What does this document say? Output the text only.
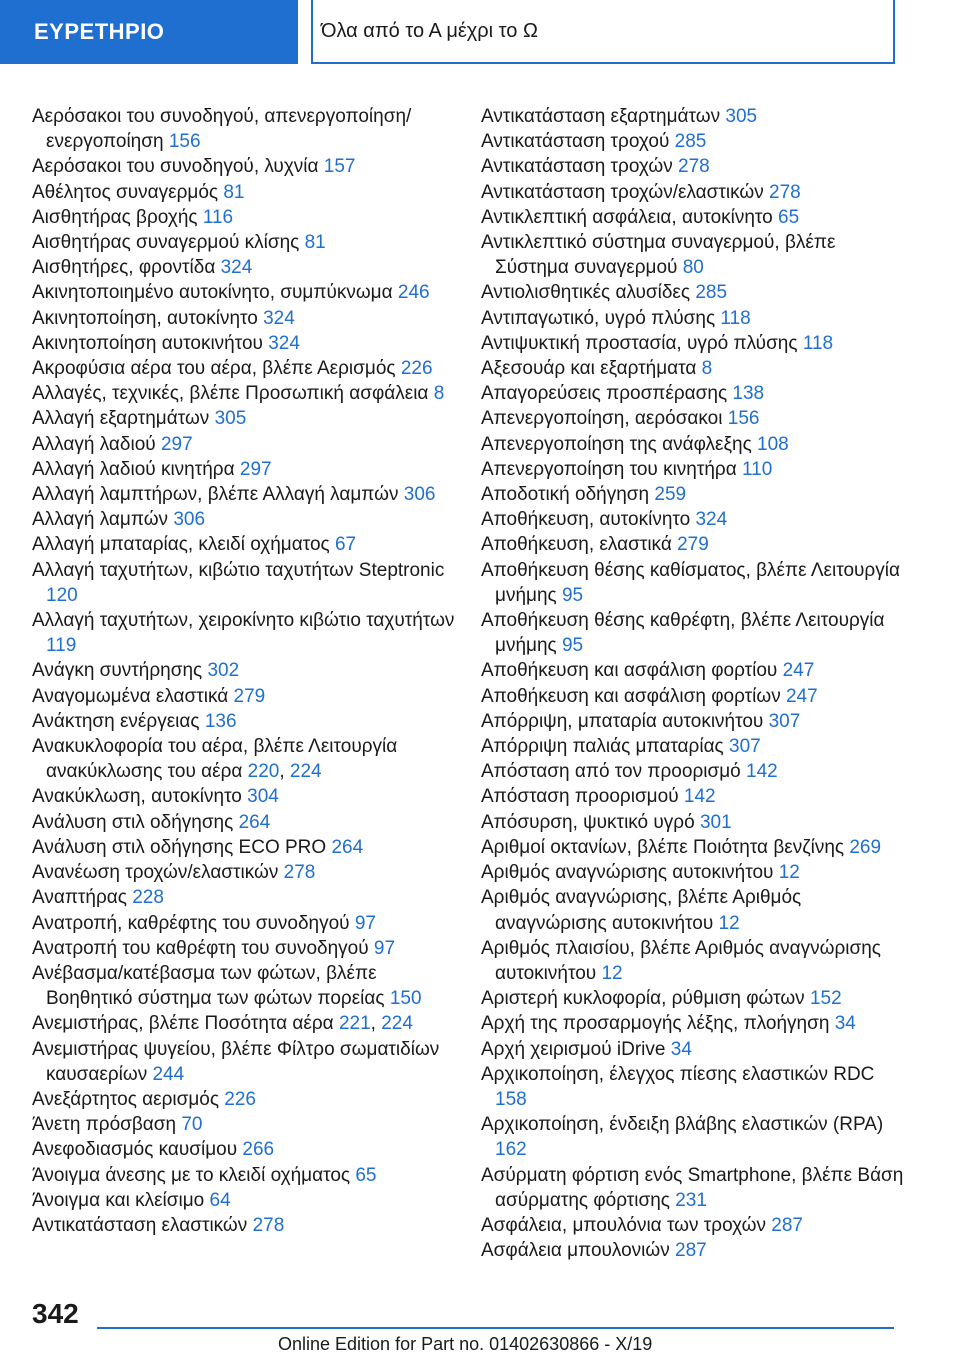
ΕΥΡΕΤΗΡΙΟ	Όλα από το Α μέχρι το Ω
Αερόσακοι του συνοδηγού, απενεργοποίηση/ενεργοποίηση 156
Αερόσακοι του συνοδηγού, λυχνία 157
Αθέλητος συναγερμός 81
Αισθητήρας βροχής 116
Αισθητήρας συναγερμού κλίσης 81
Αισθητήρες, φροντίδα 324
Ακινητοποιημένο αυτοκίνητο, συμπύκνωμα 246
Ακινητοποίηση, αυτοκίνητο 324
Ακινητοποίηση αυτοκινήτου 324
Ακροφύσια αέρα του αέρα, βλέπε Αερισμός 226
Αλλαγές, τεχνικές, βλέπε Προσωπική ασφάλεια 8
Αλλαγή εξαρτημάτων 305
Αλλαγή λαδιού 297
Αλλαγή λαδιού κινητήρα 297
Αλλαγή λαμπτήρων, βλέπε Αλλαγή λαμπών 306
Αλλαγή λαμπών 306
Αλλαγή μπαταρίας, κλειδί οχήματος 67
Αλλαγή ταχυτήτων, κιβώτιο ταχυτήτων Steptronic 120
Αλλαγή ταχυτήτων, χειροκίνητο κιβώτιο ταχυτήτων 119
Ανάγκη συντήρησης 302
Αναγομωμένα ελαστικά 279
Ανάκτηση ενέργειας 136
Ανακυκλοφορία του αέρα, βλέπε Λειτουργία ανακύκλωσης του αέρα 220, 224
Ανακύκλωση, αυτοκίνητο 304
Ανάλυση στιλ οδήγησης 264
Ανάλυση στιλ οδήγησης ECO PRO 264
Ανανέωση τροχών/ελαστικών 278
Αναπτήρας 228
Ανατροπή, καθρέφτης του συνοδηγού 97
Ανατροπή του καθρέφτη του συνοδηγού 97
Ανέβασμα/κατέβασμα των φώτων, βλέπε Βοηθητικό σύστημα των φώτων πορείας 150
Ανεμιστήρας, βλέπε Ποσότητα αέρα 221, 224
Ανεμιστήρας ψυγείου, βλέπε Φίλτρο σωματιδίων καυσαερίων 244
Ανεξάρτητος αερισμός 226
Άνετη πρόσβαση 70
Ανεφοδιασμός καυσίμου 266
Άνοιγμα άνεσης με το κλειδί οχήματος 65
Άνοιγμα και κλείσιμο 64
Αντικατάσταση ελαστικών 278
Αντικατάσταση εξαρτημάτων 305
Αντικατάσταση τροχού 285
Αντικατάσταση τροχών 278
Αντικατάσταση τροχών/ελαστικών 278
Αντικλεπτική ασφάλεια, αυτοκίνητο 65
Αντικλεπτικό σύστημα συναγερμού, βλέπε Σύστημα συναγερμού 80
Αντιολισθητικές αλυσίδες 285
Αντιπαγωτικό, υγρό πλύσης 118
Αντιψυκτική προστασία, υγρό πλύσης 118
Αξεσουάρ και εξαρτήματα 8
Απαγορεύσεις προσπέρασης 138
Απενεργοποίηση, αερόσακοι 156
Απενεργοποίηση της ανάφλεξης 108
Απενεργοποίηση του κινητήρα 110
Αποδοτική οδήγηση 259
Αποθήκευση, αυτοκίνητο 324
Αποθήκευση, ελαστικά 279
Αποθήκευση θέσης καθίσματος, βλέπε Λειτουργία μνήμης 95
Αποθήκευση θέσης καθρέφτη, βλέπε Λειτουργία μνήμης 95
Αποθήκευση και ασφάλιση φορτίου 247
Αποθήκευση και ασφάλιση φορτίων 247
Απόρριψη, μπαταρία αυτοκινήτου 307
Απόρριψη παλιάς μπαταρίας 307
Απόσταση από τον προορισμό 142
Απόσταση προορισμού 142
Απόσυρση, ψυκτικό υγρό 301
Αριθμοί οκτανίων, βλέπε Ποιότητα βενζίνης 269
Αριθμός αναγνώρισης αυτοκινήτου 12
Αριθμός αναγνώρισης, βλέπε Αριθμός αναγνώρισης αυτοκινήτου 12
Αριθμός πλαισίου, βλέπε Αριθμός αναγνώρισης αυτοκινήτου 12
Αριστερή κυκλοφορία, ρύθμιση φώτων 152
Αρχή της προσαρμογής λέξης, πλοήγηση 34
Αρχή χειρισμού iDrive 34
Αρχικοποίηση, έλεγχος πίεσης ελαστικών RDC 158
Αρχικοποίηση, ένδειξη βλάβης ελαστικών (RPA) 162
Ασύρματη φόρτιση ενός Smartphone, βλέπε Βάση ασύρματης φόρτισης 231
Ασφάλεια, μπουλόνια των τροχών 287
Ασφάλεια μπουλονιών 287
342
Online Edition for Part no. 01402630866 - X/19
